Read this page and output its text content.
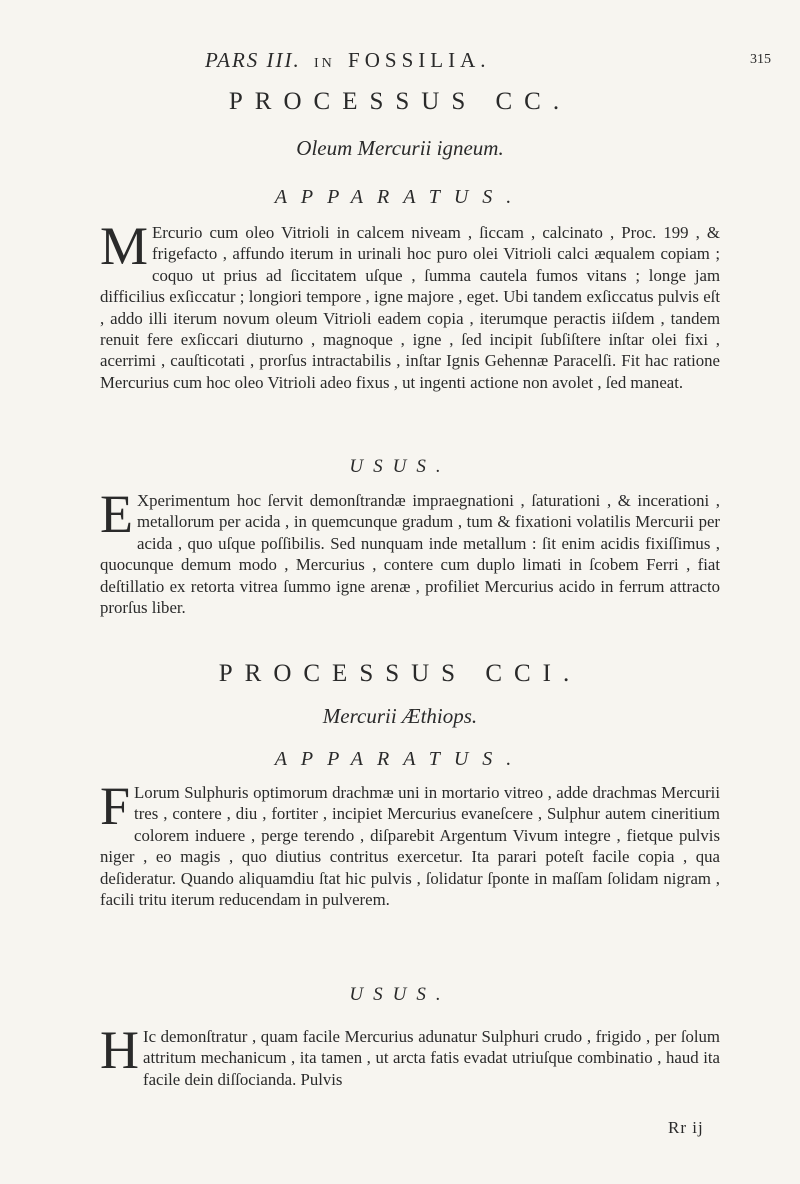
PARS III. IN FOSSILIA.	315
PROCESSUS CC.
Oleum Mercurii igneum.
APPARATUS.

M Ercurio cum oleo Vitrioli in calcem niveam , ſiccam , calcinato , Proc. 199 , & frigefacto , affundo iterum in urinali hoc puro olei Vitrioli calci æqualem copiam ; coquo ut prius ad ſiccitatem uſque , ſumma cautela fumos vitans ; longe jam difficilius exſiccatur ; longiori tempore , igne majore , eget. Ubi tandem exſiccatus pulvis eſt , addo illi iterum novum oleum Vitrioli eadem copia , iterumque peractis iiſdem , tandem renuit fere exſiccari diuturno , magnoque , igne , ſed incipit ſubſiſtere inſtar olei fixi , acerrimi , cauſticotati , prorſus intractabilis , inſtar Ignis Gehennæ Paracelſi. Fit hac ratione Mercurius cum hoc oleo Vitrioli adeo fixus , ut ingenti actione non avolet , ſed maneat.

USUS.

E Xperimentum hoc ſervit demonſtrandæ impraegnationi , ſaturationi , & incerationi , metallorum per acida , in quemcunque gradum , tum & fixationi volatilis Mercurii per acida , quo uſque poſſibilis. Sed nunquam inde metallum : ſit enim acidis fixiſſimus , quocunque demum modo , Mercurius , contere cum duplo limati in ſcobem Ferri , fiat deſtillatio ex retorta vitrea ſummo igne arenæ , profiliet Mercurius acido in ferrum attracto prorſus liber.

PROCESSUS CCI.
Mercurii Æthiops.
APPARATUS.

F Lorum Sulphuris optimorum drachmæ uni in mortario vitreo , adde drachmas Mercurii tres , contere , diu , fortiter , incipiet Mercurius evaneſcere , Sulphur autem cineritium colorem induere , perge terendo , diſparebit Argentum Vivum integre , fietque pulvis niger , eo magis , quo diutius contritus exercetur. Ita parari poteſt facile copia , qua deſideratur. Quando aliquamdiu ſtat hic pulvis , ſolidatur ſponte in maſſam ſolidam nigram , facili tritu iterum reducendam in pulverem.

USUS.

H Ic demonſtratur , quam facile Mercurius adunatur Sulphuri crudo , frigido , per ſolum attritum mechanicum , ita tamen , ut arcta fatis evadat utriuſque combinatio , haud ita facile dein diſſocianda. Pulvis

Rr ij
